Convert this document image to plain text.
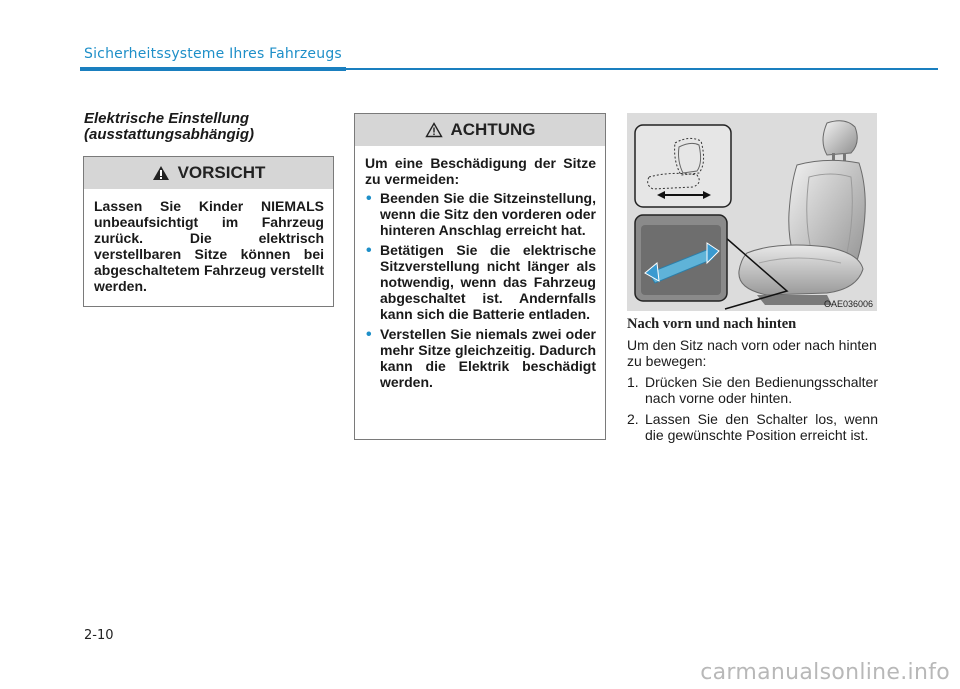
Sicherheitssysteme Ihres Fahrzeugs
Elektrische Einstellung
(ausstattungsabhängig)
VORSICHT
Lassen Sie Kinder NIEMALS unbeaufsichtigt im Fahrzeug zurück. Die elektrisch verstellbaren Sitze können bei abgeschaltetem Fahrzeug verstellt werden.
ACHTUNG
Um eine Beschädigung der Sitze zu vermeiden:
• Beenden Sie die Sitzeinstellung, wenn die Sitz den vorderen oder hinteren Anschlag erreicht hat.
• Betätigen Sie die elektrische Sitzverstellung nicht länger als notwendig, wenn das Fahrzeug abgeschaltet ist. Andernfalls kann sich die Batterie entladen.
• Verstellen Sie niemals zwei oder mehr Sitze gleichzeitig. Dadurch kann die Elektrik beschädigt werden.
OAE036006
Nach vorn und nach hinten

Um den Sitz nach vorn oder nach hinten zu bewegen:

1. Drücken Sie den Bedienungsschalter nach vorne oder hinten.
2. Lassen Sie den Schalter los, wenn die gewünschte Position erreicht ist.
2-10
carmanualsonline.info
